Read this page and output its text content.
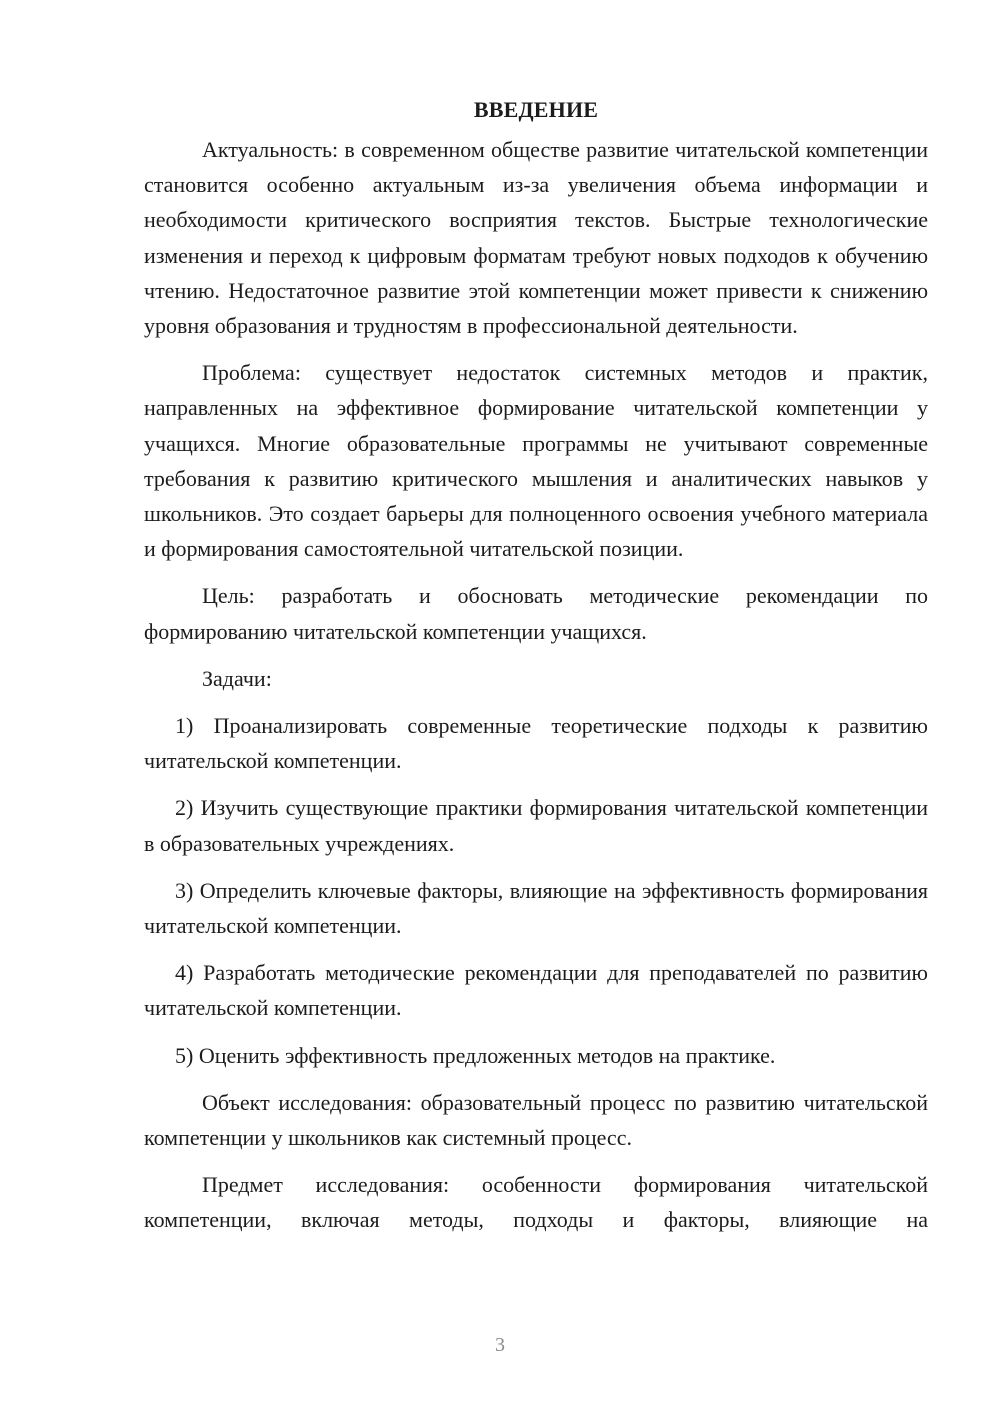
ВВЕДЕНИЕ

Актуальность: в современном обществе развитие читательской компетенции становится особенно актуальным из-за увеличения объема информации и необходимости критического восприятия текстов. Быстрые технологические изменения и переход к цифровым форматам требуют новых подходов к обучению чтению. Недостаточное развитие этой компетенции может привести к снижению уровня образования и трудностям в профессиональной деятельности.

Проблема: существует недостаток системных методов и практик, направленных на эффективное формирование читательской компетенции у учащихся. Многие образовательные программы не учитывают современные требования к развитию критического мышления и аналитических навыков у школьников. Это создает барьеры для полноценного освоения учебного материала и формирования самостоятельной читательской позиции.

Цель: разработать и обосновать методические рекомендации по формированию читательской компетенции учащихся.

Задачи:

1) Проанализировать современные теоретические подходы к развитию читательской компетенции.

2) Изучить существующие практики формирования читательской компетенции в образовательных учреждениях.

3) Определить ключевые факторы, влияющие на эффективность формирования читательской компетенции.

4) Разработать методические рекомендации для преподавателей по развитию читательской компетенции.

5) Оценить эффективность предложенных методов на практике.

Объект исследования: образовательный процесс по развитию читательской компетенции у школьников как системный процесс.

Предмет исследования: особенности формирования читательской компетенции, включая методы, подходы и факторы, влияющие на

3
